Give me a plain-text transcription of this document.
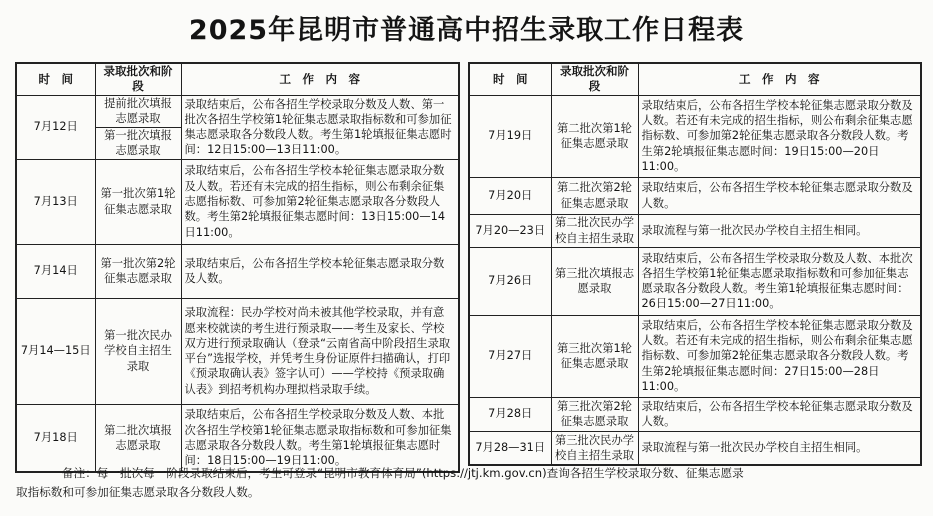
2025年昆明市普通高中招生录取工作日程表
时　间	录取批次和阶段	工　作　内　容
7月12日	提前批次填报志愿录取	录取结束后，公布各招生学校录取分数及人数、第一批次各招生学校第1轮征集志愿录取指标数和可参加征集志愿录取各分数段人数。考生第1轮填报征集志愿时间：12日15:00—13日11:00。
	第一批次填报志愿录取	
7月13日	第一批次第1轮征集志愿录取	录取结束后，公布各招生学校本轮征集志愿录取分数及人数。若还有未完成的招生指标，则公布剩余征集志愿指标数、可参加第2轮征集志愿录取各分数段人数。考生第2轮填报征集志愿时间：13日15:00—14日11:00。
7月14日	第一批次第2轮征集志愿录取	录取结束后，公布各招生学校本轮征集志愿录取分数及人数。
7月14—15日	第一批次民办学校自主招生录取	录取流程：民办学校对尚未被其他学校录取，并有意愿来校就读的考生进行预录取——考生及家长、学校双方进行预录取确认（登录“云南省高中阶段招生录取平台”选报学校，并凭考生身份证原件扫描确认，打印《预录取确认表》签字认可）——学校持《预录取确认表》到招考机构办理拟档录取手续。
7月18日	第二批次填报志愿录取	录取结束后，公布各招生学校录取分数及人数、本批次各招生学校第1轮征集志愿录取指标数和可参加征集志愿录取各分数段人数。考生第1轮填报征集志愿时间：18日15:00—19日11:00。
时　间	录取批次和阶段	工　作　内　容
7月19日	第二批次第1轮征集志愿录取	录取结束后，公布各招生学校本轮征集志愿录取分数及人数。若还有未完成的招生指标，则公布剩余征集志愿指标数、可参加第2轮征集志愿录取各分数段人数。考生第2轮填报征集志愿时间：19日15:00—20日11:00。
7月20日	第二批次第2轮征集志愿录取	录取结束后，公布各招生学校本轮征集志愿录取分数及人数。
7月20—23日	第二批次民办学校自主招生录取	录取流程与第一批次民办学校自主招生相同。
7月26日	第三批次填报志愿录取	录取结束后，公布各招生学校录取分数及人数、本批次各招生学校第1轮征集志愿录取指标数和可参加征集志愿录取各分数段人数。考生第1轮填报征集志愿时间：26日15:00—27日11:00。
7月27日	第三批次第1轮征集志愿录取	录取结束后，公布各招生学校本轮征集志愿录取分数及人数。若还有未完成的招生指标，则公布剩余征集志愿指标数、可参加第2轮征集志愿录取各分数段人数。考生第2轮填报征集志愿时间：27日15:00—28日11:00。
7月28日	第三批次第2轮征集志愿录取	录取结束后，公布各招生学校本轮征集志愿录取分数及人数。
7月28—31日	第三批次民办学校自主招生录取	录取流程与第一批次民办学校自主招生相同。
备注：每一批次每一阶段录取结束后，考生可登录“昆明市教育体育局”(https://jtj.km.gov.cn)查询各招生学校录取分数、征集志愿录
取指标数和可参加征集志愿录取各分数段人数。
